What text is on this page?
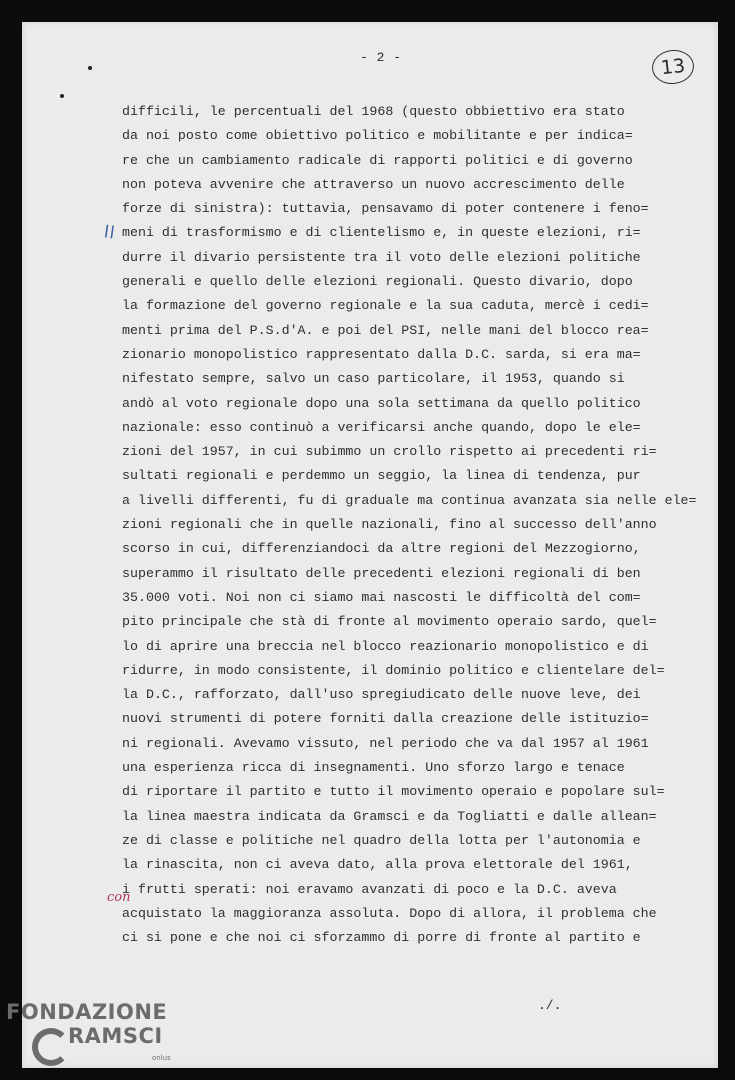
- 2 -	13
ll
con
difficili, le percentuali del 1968 (questo obbiettivo era stato
da noi posto come obiettivo politico e mobilitante e per indica=
re che un cambiamento radicale di rapporti politici e di governo
non poteva avvenire che attraverso un nuovo accrescimento delle
forze di sinistra): tuttavia, pensavamo di poter contenere i feno=
meni di trasformismo e di clientelismo e, in queste elezioni, ri=
durre il divario persistente tra il voto delle elezioni politiche
generali e quello delle elezioni regionali. Questo divario, dopo
la formazione del governo regionale e la sua caduta, mercè i cedi=
menti prima del P.S.d'A. e poi del PSI, nelle mani del blocco rea=
zionario monopolistico rappresentato dalla D.C. sarda, si era ma=
nifestato sempre, salvo un caso particolare, il 1953, quando si
andò al voto regionale dopo una sola settimana da quello politico
nazionale: esso continuò a verificarsi anche quando, dopo le ele=
zioni del 1957, in cui subimmo un crollo rispetto ai precedenti ri=
sultati regionali e perdemmo un seggio, la linea di tendenza, pur
a livelli differenti, fu di graduale ma continua avanzata sia nelle ele=
zioni regionali che in quelle nazionali, fino al successo dell'anno
scorso in cui, differenziandoci da altre regioni del Mezzogiorno,
superammo il risultato delle precedenti elezioni regionali di ben
35.000 voti. Noi non ci siamo mai nascosti le difficoltà del com=
pito principale che stà di fronte al movimento operaio sardo, quel=
lo di aprire una breccia nel blocco reazionario monopolistico e di
ridurre, in modo consistente, il dominio politico e clientelare del=
la D.C., rafforzato, dall'uso spregiudicato delle nuove leve, dei
nuovi strumenti di potere forniti dalla creazione delle istituzio=
ni regionali. Avevamo vissuto, nel periodo che va dal 1957 al 1961
una esperienza ricca di insegnamenti. Uno sforzo largo e tenace
di riportare il partito e tutto il movimento operaio e popolare sul=
la linea maestra indicata da Gramsci e da Togliatti e dalle allean=
ze di classe e politiche nel quadro della lotta per l'autonomia e
la rinascita, non ci aveva dato, alla prova elettorale del 1961,
i frutti sperati: noi eravamo avanzati di poco e la D.C. aveva
acquistato la maggioranza assoluta. Dopo di allora, il problema che
ci si pone e che noi ci sforzammo di porre di fronte al partito e
./.
FONDAZIONE
RAMSCI
onlus
